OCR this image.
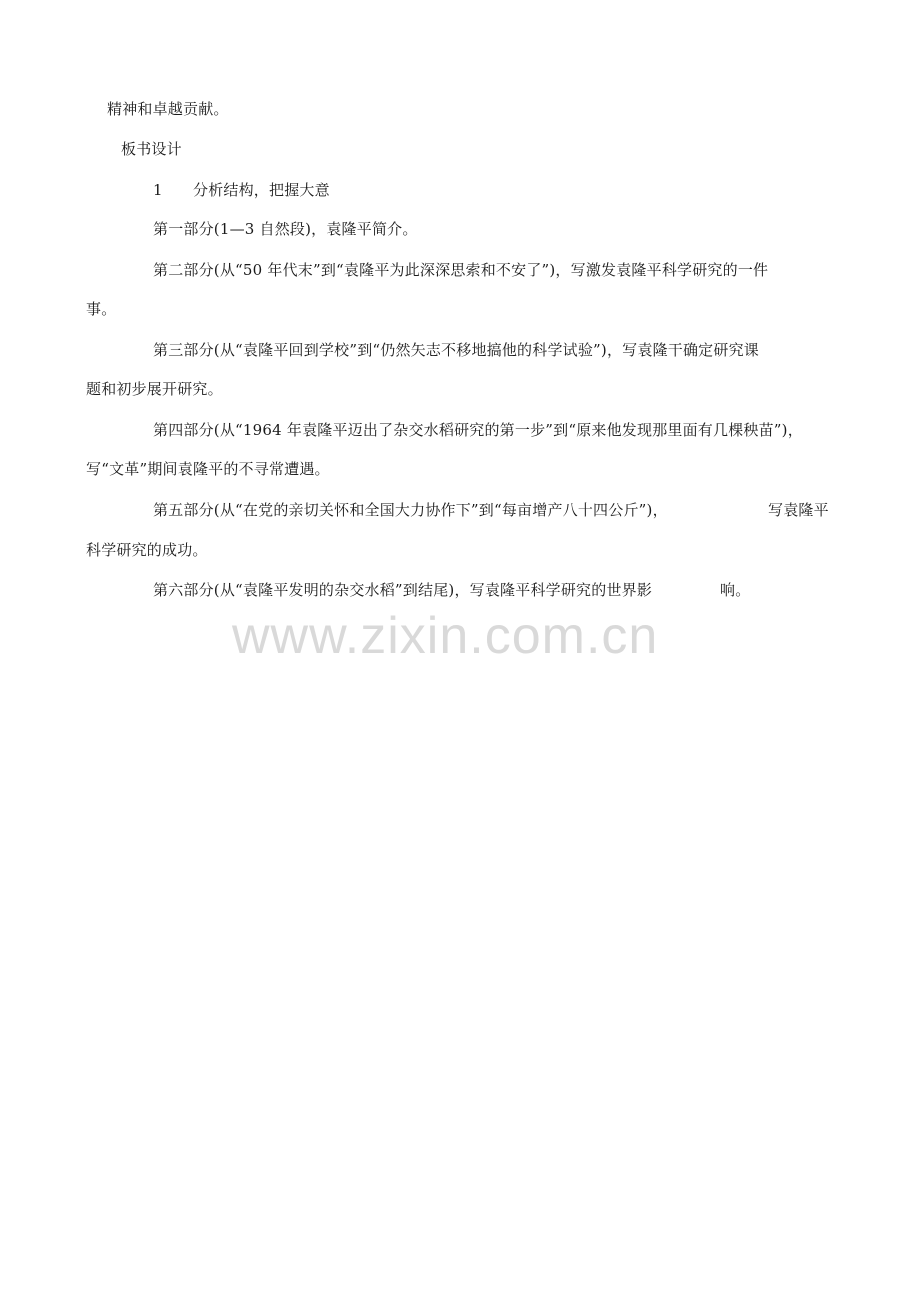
精神和卓越贡献。
板书设计
1 分析结构，把握大意
第一部分(1—3 自然段)，袁隆平简介。
第二部分(从“50 年代末”到“袁隆平为此深深思索和不安了”)，写激发袁隆平科学研究的一件
事。
第三部分(从“袁隆平回到学校”到“仍然矢志不移地搞他的科学试验”)，写袁隆干确定研究课
题和初步展开研究。
第四部分(从“1964 年袁隆平迈出了杂交水稻研究的第一步”到“原来他发现那里面有几棵秧苗”)，
写“文革”期间袁隆平的不寻常遭遇。
第五部分(从“在党的亲切关怀和全国大力协作下”到“每亩增产八十四公斤”)，	写袁隆平
科学研究的成功。
第六部分(从“袁隆平发明的杂交水稻”到结尾)，写袁隆平科学研究的世界影	响。
www.zixin.com.cn
